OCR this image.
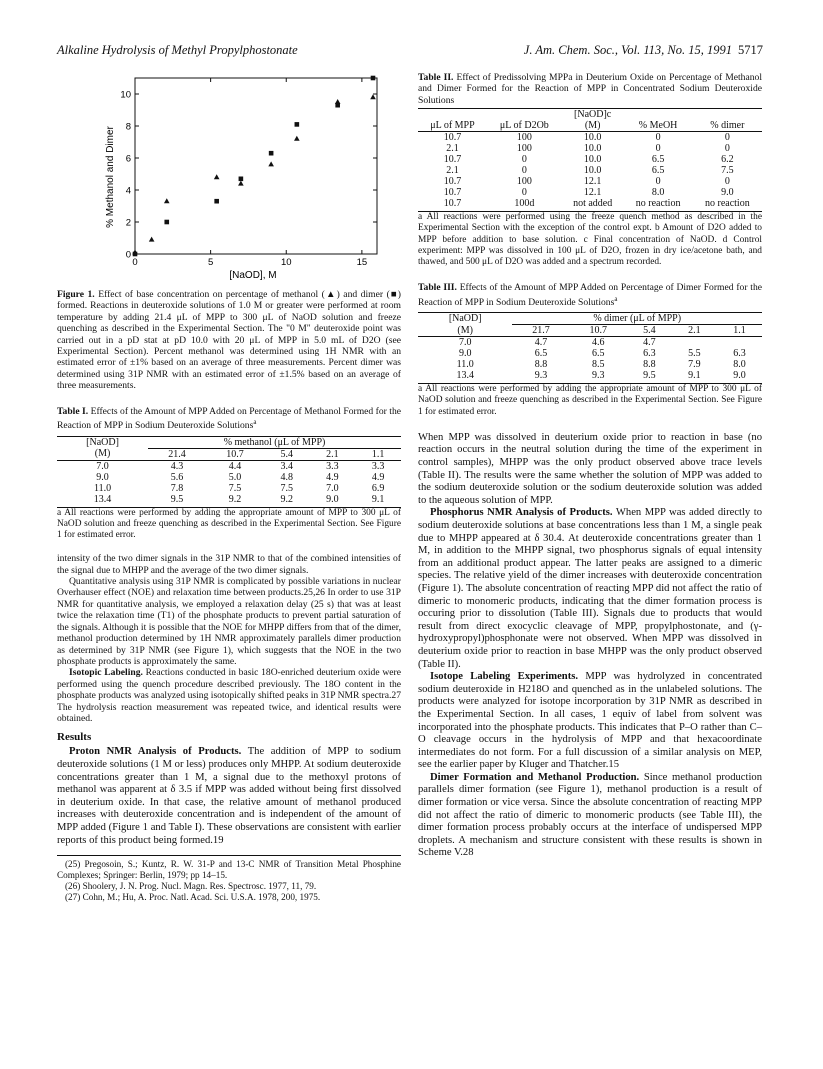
Alkaline Hydrolysis of Methyl Propylphostonate	J. Am. Chem. Soc., Vol. 113, No. 15, 1991 5717
0	5	10	15
0
2
4
6
8
10
[NaOD], M
% Methanol and Dimer

Figure 1. Effect of base concentration on percentage of methanol (▲) and dimer (■) formed. Reactions in deuteroxide solutions of 1.0 M or greater were performed at room temperature by adding 21.4 μL of MPP to 300 μL of NaOD solution and freeze quenching as described in the Experimental Section. The "0 M" deuteroxide point was carried out in a pD stat at pD 10.0 with 20 μL of MPP in 5.0 mL of D2O (see Experimental Section). Percent methanol was determined using 1H NMR with an estimated error of ±1% based on an average of three measurements. Percent dimer was determined using 31P NMR with an estimated error of ±1.5% based on an average of three measurements.

Table I. Effects of the Amount of MPP Added on Percentage of Methanol Formed for the Reaction of MPP in Sodium Deuteroxide Solutions$^a$

[NaOD]	% methanol (μL of MPP)				
(M)	21.4	10.7	5.4	2.1	1.1
7.0	4.3	4.4	3.4	3.3	3.3
9.0	5.6	5.0	4.8	4.9	4.9
11.0	7.8	7.5	7.5	7.0	6.9
13.4	9.5	9.2	9.2	9.0	9.1

a All reactions were performed by adding the appropriate amount of MPP to 300 μL of NaOD solution and freeze quenching as described in the Experimental Section. See Figure 1 for estimated error.

intensity of the two dimer signals in the 31P NMR to that of the combined intensities of the signal due to MHPP and the average of the two dimer signals.

Quantitative analysis using 31P NMR is complicated by possible variations in nuclear Overhauser effect (NOE) and relaxation time between products.25,26 In order to use 31P NMR for quantitative analysis, we employed a relaxation delay (25 s) that was at least twice the relaxation time (T1) of the phosphate products to prevent partial saturation of the signals. Although it is possible that the NOE for MHPP differs from that of the dimer, methanol production determined by 1H NMR approximately parallels dimer production as determined by 31P NMR (see Figure 1), which suggests that the NOE in the two phosphate products is approximately the same.

Isotopic Labeling. Reactions conducted in basic 18O-enriched deuterium oxide were performed using the quench procedure described previously. The 18O content in the phosphate products was analyzed using isotopically shifted peaks in 31P NMR spectra.27 The hydrolysis reaction measurement was repeated twice, and identical results were obtained.

Results

Proton NMR Analysis of Products. The addition of MPP to sodium deuteroxide solutions (1 M or less) produces only MHPP. At sodium deuteroxide concentrations greater than 1 M, a signal due to the methoxyl protons of methanol was apparent at δ 3.5 if MPP was added without being first dissolved in deuterium oxide. In that case, the relative amount of methanol produced increases with deuteroxide concentration and is independent of the amount of MPP added (Figure 1 and Table I). These observations are consistent with earlier reports of this product being formed.19

(25) Pregosoin, S.; Kuntz, R. W. 31-P and 13-C NMR of Transition Metal Phosphine Complexes; Springer: Berlin, 1979; pp 14–15.

(26) Shoolery, J. N. Prog. Nucl. Magn. Res. Spectrosc. 1977, 11, 79.

(27) Cohn, M.; Hu, A. Proc. Natl. Acad. Sci. U.S.A. 1978, 200, 1975.

Table II. Effect of Predissolving MPPa in Deuterium Oxide on Percentage of Methanol and Dimer Formed for the Reaction of MPP in Concentrated Sodium Deuteroxide Solutions

		[NaOD]c		
μL of MPP	μL of D2Ob	(M)	% MeOH	% dimer
10.7	100	10.0	0	0
2.1	100	10.0	0	0
10.7	0	10.0	6.5	6.2
2.1	0	10.0	6.5	7.5
10.7	100	12.1	0	0
10.7	0	12.1	8.0	9.0
10.7	100d	not added	no reaction	no reaction

a All reactions were performed using the freeze quench method as described in the Experimental Section with the exception of the control expt. b Amount of D2O added to MPP before addition to base solution. c Final concentration of NaOD. d Control experiment: MPP was dissolved in 100 μL of D2O, frozen in dry ice/acetone bath, and thawed, and 500 μL of D2O was added and a spectrum recorded.

Table III. Effects of the Amount of MPP Added on Percentage of Dimer Formed for the Reaction of MPP in Sodium Deuteroxide Solutions$^a$

[NaOD]	% dimer (μL of MPP)				
(M)	21.7	10.7	5.4	2.1	1.1
7.0	4.7	4.6	4.7		
9.0	6.5	6.5	6.3	5.5	6.3
11.0	8.8	8.5	8.8	7.9	8.0
13.4	9.3	9.3	9.5	9.1	9.0

a All reactions were performed by adding the appropriate amount of MPP to 300 μL of NaOD solution and freeze quenching as described in the Experimental Section. See Figure 1 for estimated error.

When MPP was dissolved in deuterium oxide prior to reaction in base (no reaction occurs in the neutral solution during the time of the experiment in control samples), MHPP was the only product observed above trace levels (Table II). The results were the same whether the solution of MPP was added to the sodium deuteroxide solution or the sodium deuteroxide solution was added to the aqueous solution of MPP.

Phosphorus NMR Analysis of Products. When MPP was added directly to sodium deuteroxide solutions at base concentrations less than 1 M, a single peak due to MHPP appeared at δ 30.4. At deuteroxide concentrations greater than 1 M, in addition to the MHPP signal, two phosphorus signals of equal intensity from an additional product appear. The latter peaks are assigned to a dimeric species. The relative yield of the dimer increases with deuteroxide concentration (Figure 1). The absolute concentration of reacting MPP did not affect the ratio of dimeric to monomeric products, indicating that the dimer formation process is occuring prior to dissolution (Table III). Signals due to products that would result from direct exocyclic cleavage of MPP, propylphostonate, and (γ-hydroxypropyl)phosphonate were not observed. When MPP was dissolved in deuterium oxide prior to reaction in base MHPP was the only product observed (Table II).

Isotope Labeling Experiments. MPP was hydrolyzed in concentrated sodium deuteroxide in H218O and quenched as in the unlabeled solutions. The products were analyzed for isotope incorporation by 31P NMR as described in the Experimental Section. In all cases, 1 equiv of label from solvent was incorporated into the phosphate products. This indicates that P–O rather than C–O cleavage occurs in the hydrolysis of MPP and that hexacoordinate intermediates do not form. For a full discussion of a similar analysis on MEP, see the earlier paper by Kluger and Thatcher.15

Dimer Formation and Methanol Production. Since methanol production parallels dimer formation (see Figure 1), methanol production is a result of dimer formation or vice versa. Since the absolute concentration of reacting MPP did not affect the ratio of dimeric to monomeric products (see Table III), the dimer formation process probably occurs at the interface of undispersed MPP droplets. A mechanism and structure consistent with these results is shown in Scheme V.28
